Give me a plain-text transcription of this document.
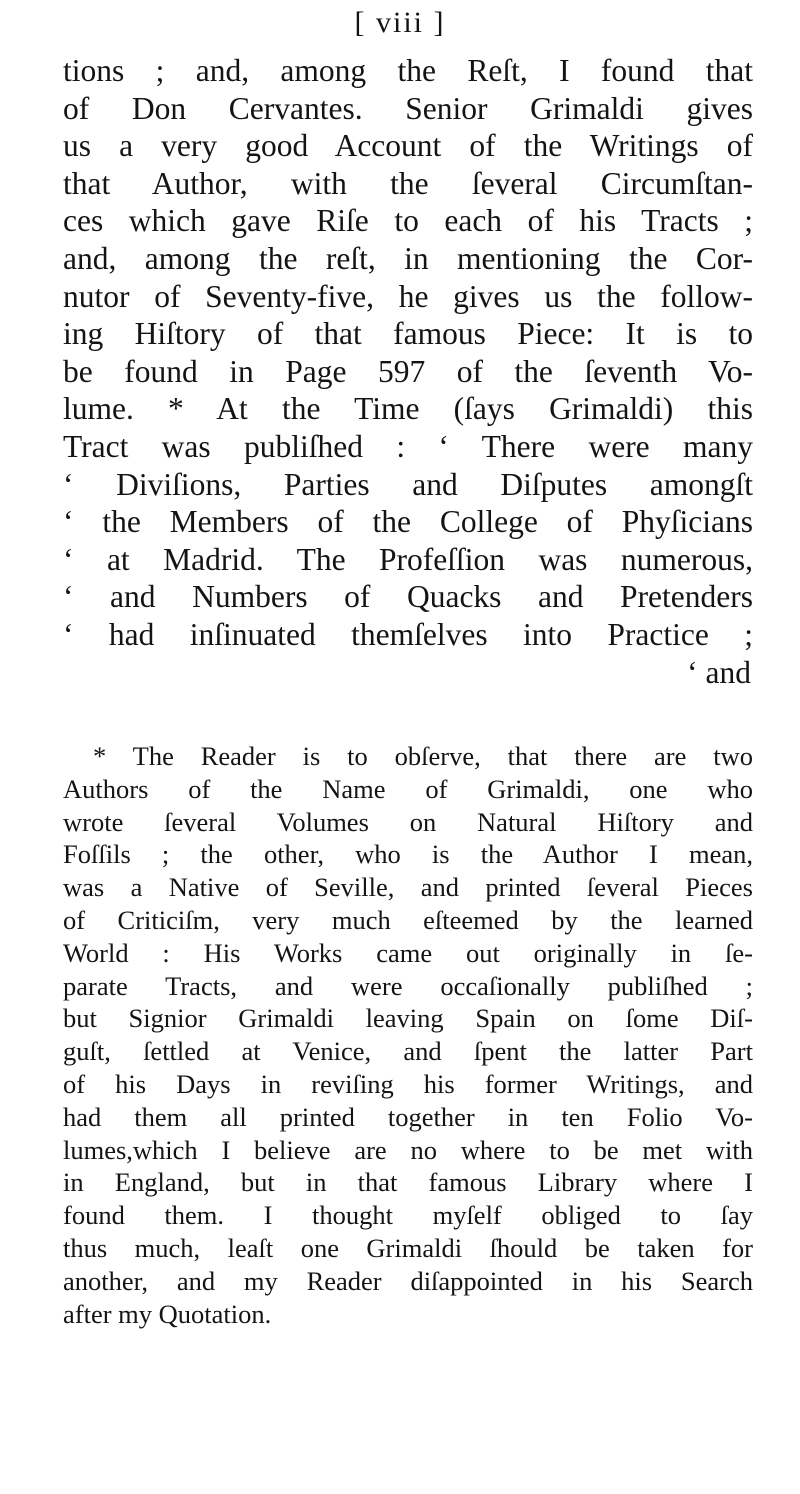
[ viii ]
tions ; and, among the Reſt, I found that
of Don Cervantes. Senior Grimaldi gives
us a very good Account of the Writings of
that Author, with the ſeveral Circumſtan-
ces which gave Riſe to each of his Tracts ;
and, among the reſt, in mentioning the Cor-
nutor of Seventy-five, he gives us the follow-
ing Hiſtory of that famous Piece: It is to
be found in Page 597 of the ſeventh Vo-
lume. * At the Time (ſays Grimaldi) this
Tract was publiſhed : ‘ There were many
‘ Diviſions, Parties and Diſputes amongſt
‘ the Members of the College of Phyſicians
‘ at Madrid. The Profeſſion was numerous,
‘ and Numbers of Quacks and Pretenders
‘ had inſinuated themſelves into Practice ;
‘ and
* The Reader is to obſerve, that there are two
Authors of the Name of Grimaldi, one who
wrote ſeveral Volumes on Natural Hiſtory and
Foſſils ; the other, who is the Author I mean,
was a Native of Seville, and printed ſeveral Pieces
of Criticiſm, very much eſteemed by the learned
World : His Works came out originally in ſe-
parate Tracts, and were occaſionally publiſhed ;
but Signior Grimaldi leaving Spain on ſome Diſ-
guſt, ſettled at Venice, and ſpent the latter Part
of his Days in reviſing his former Writings, and
had them all printed together in ten Folio Vo-
lumes,which I believe are no where to be met with
in England, but in that famous Library where I
found them. I thought myſelf obliged to ſay
thus much, leaſt one Grimaldi ſhould be taken for
another, and my Reader diſappointed in his Search
after my Quotation.
